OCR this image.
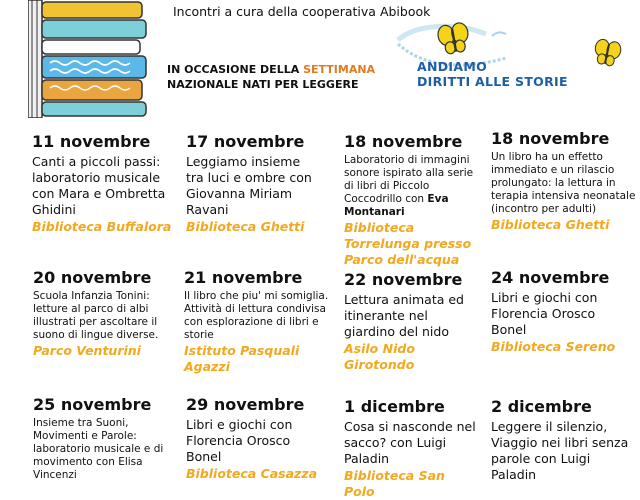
Incontri a cura della cooperativa Abibook
IN OCCASIONE DELLA SETTIMANA
NAZIONALE NATI PER LEGGERE
ANDIAMO
DIRITTI ALLE STORIE
11 novembre
Canti a piccoli passi: laboratorio musicale con Mara e Ombretta Ghidini
Biblioteca Buffalora
17 novembre
Leggiamo insieme tra luci e ombre con Giovanna Miriam Ravani
Biblioteca Ghetti
18 novembre
Laboratorio di immagini sonore ispirato alla serie di libri di Piccolo Coccodrillo con Eva Montanari
Biblioteca Torrelunga presso Parco dell'acqua
18 novembre
Un libro ha un effetto immediato e un rilascio prolungato: la lettura in terapia intensiva neonatale (incontro per adulti)
Biblioteca Ghetti
20 novembre
Scuola Infanzia Tonini: letture al parco di albi illustrati per ascoltare il suono di lingue diverse.
Parco Venturini
21 novembre
Il libro che piu' mi somiglia. Attività di lettura condivisa con esplorazione di libri e storie
Istituto Pasquali Agazzi
22 novembre
Lettura animata ed itinerante nel giardino del nido
Asilo Nido Girotondo
24 novembre
Libri e giochi con Florencia Orosco Bonel
Biblioteca Sereno
25 novembre
Insieme tra Suoni, Movimenti e Parole: laboratorio musicale e di movimento con Elisa Vincenzi
29 novembre
Libri e giochi con Florencia Orosco Bonel
Biblioteca Casazza
1 dicembre
Cosa si nasconde nel sacco? con Luigi Paladin
Biblioteca San Polo
2 dicembre
Leggere il silenzio, Viaggio nei libri senza parole con Luigi Paladin
